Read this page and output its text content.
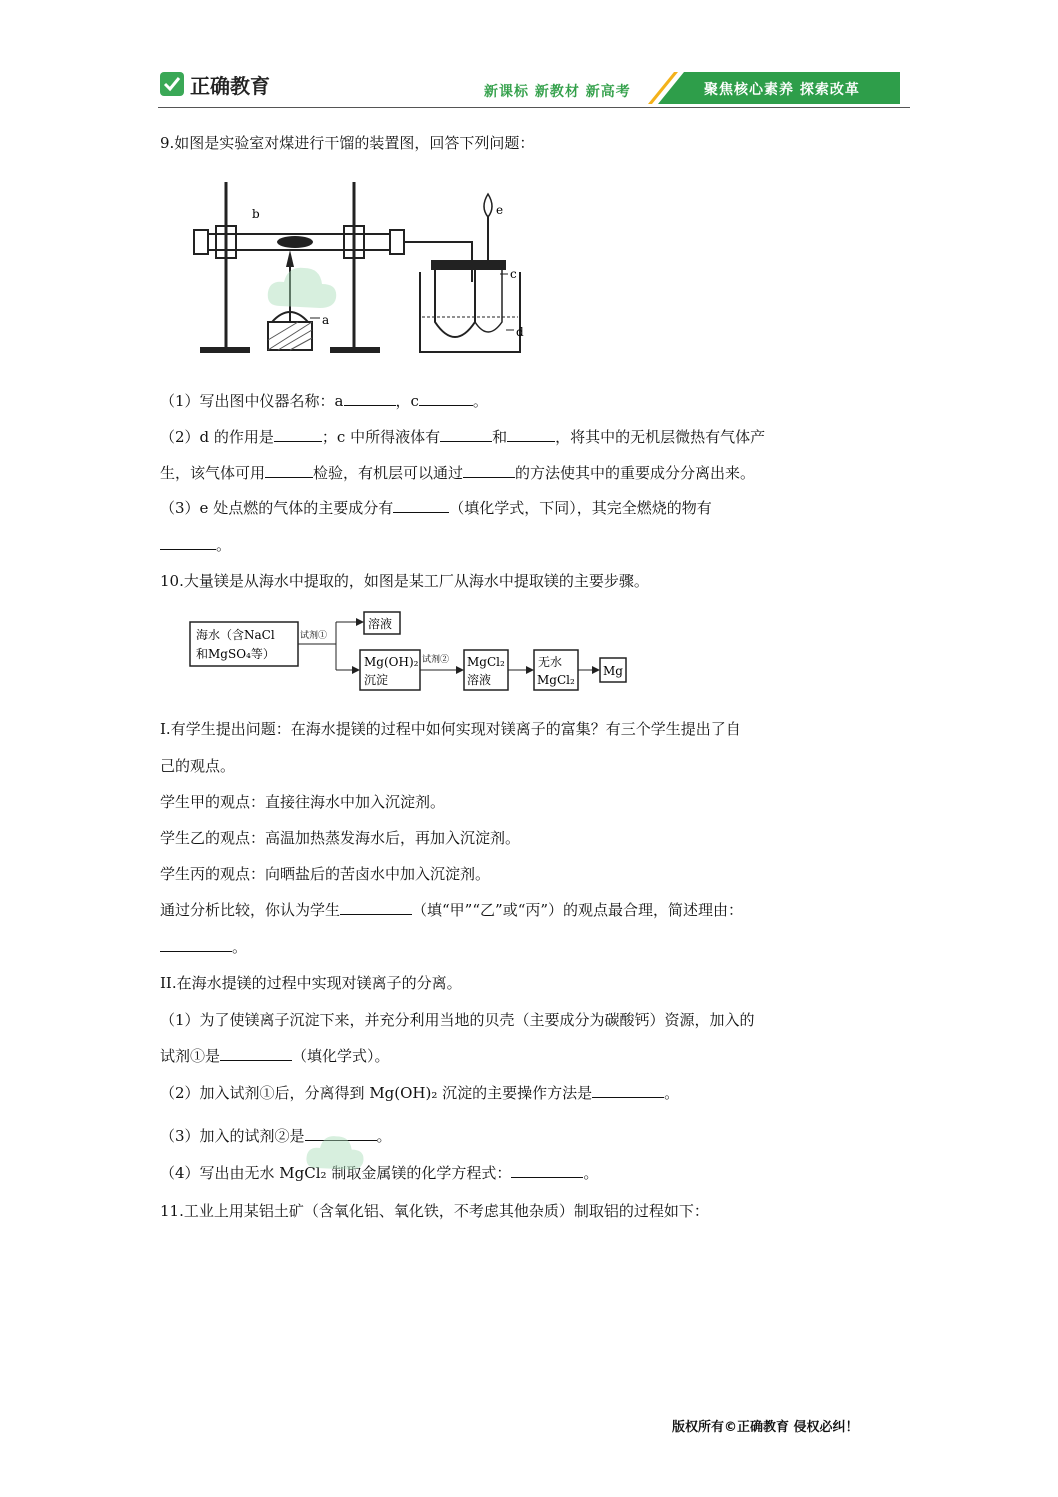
正确教育	新课标 新教材 新高考	聚焦核心素养 探索改革
9.如图是实验室对煤进行干馏的装置图，回答下列问题：
b
a
c
d
e
（1）写出图中仪器名称：a	，c	。
（2）d 的作用是	；c 中所得液体有	和	，将其中的无机层微热有气体产
生，该气体可用	检验，有机层可以通过	的方法使其中的重要成分分离出来。
（3）e 处点燃的气体的主要成分有	（填化学式，下同），其完全燃烧的物有
。
10.大量镁是从海水中提取的，如图是某工厂从海水中提取镁的主要步骤。
海水（含NaCl
和MgSO₄等）
试剂①
溶液
Mg(OH)₂
沉淀
试剂② MgCl₂
溶液
无水
MgCl₂
Mg
I.有学生提出问题：在海水提镁的过程中如何实现对镁离子的富集？有三个学生提出了自
己的观点。
学生甲的观点：直接往海水中加入沉淀剂。
学生乙的观点：高温加热蒸发海水后，再加入沉淀剂。
学生丙的观点：向晒盐后的苦卤水中加入沉淀剂。
通过分析比较，你认为学生	（填“甲”“乙”或“丙”）的观点最合理，简述理由：
。
II.在海水提镁的过程中实现对镁离子的分离。
（1）为了使镁离子沉淀下来，并充分利用当地的贝壳（主要成分为碳酸钙）资源，加入的
试剂①是	（填化学式）。
（2）加入试剂①后，分离得到 Mg(OH)₂ 沉淀的主要操作方法是	。
（3）加入的试剂②是	。
（4）写出由无水 MgCl₂ 制取金属镁的化学方程式：	。
11.工业上用某铝土矿（含氧化铝、氧化铁，不考虑其他杂质）制取铝的过程如下：
版权所有©正确教育 侵权必纠！
